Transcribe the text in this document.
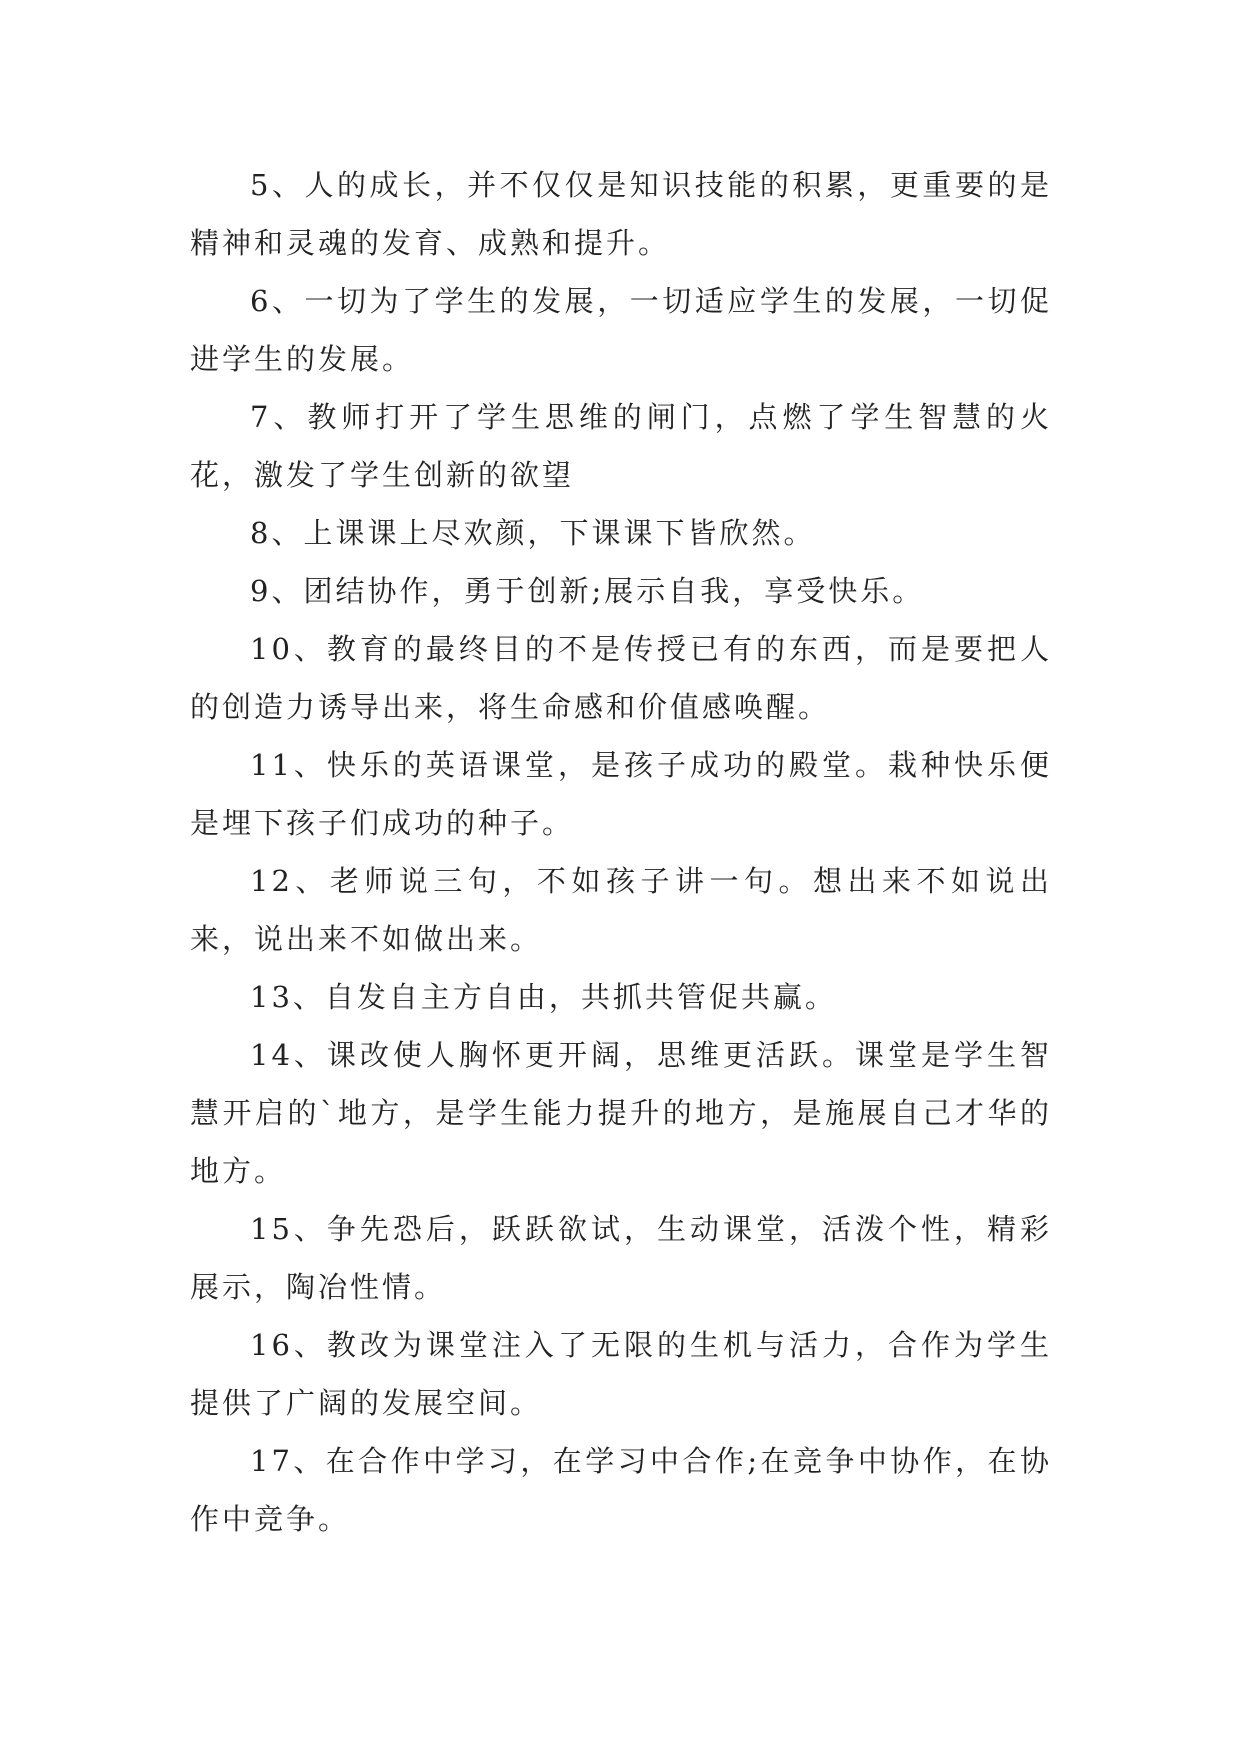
5、人的成长，并不仅仅是知识技能的积累，更重要的是精神和灵魂的发育、成熟和提升。

6、一切为了学生的发展，一切适应学生的发展，一切促进学生的发展。

7、教师打开了学生思维的闸门，点燃了学生智慧的火花，激发了学生创新的欲望

8、上课课上尽欢颜，下课课下皆欣然。

9、团结协作，勇于创新;展示自我，享受快乐。

10、教育的最终目的不是传授已有的东西，而是要把人的创造力诱导出来，将生命感和价值感唤醒。

11、快乐的英语课堂，是孩子成功的殿堂。栽种快乐便是埋下孩子们成功的种子。

12、老师说三句，不如孩子讲一句。想出来不如说出来，说出来不如做出来。

13、自发自主方自由，共抓共管促共赢。

14、课改使人胸怀更开阔，思维更活跃。课堂是学生智慧开启的`地方，是学生能力提升的地方，是施展自己才华的地方。

15、争先恐后，跃跃欲试，生动课堂，活泼个性，精彩展示，陶冶性情。

16、教改为课堂注入了无限的生机与活力，合作为学生提供了广阔的发展空间。

17、在合作中学习，在学习中合作;在竞争中协作，在协作中竞争。
